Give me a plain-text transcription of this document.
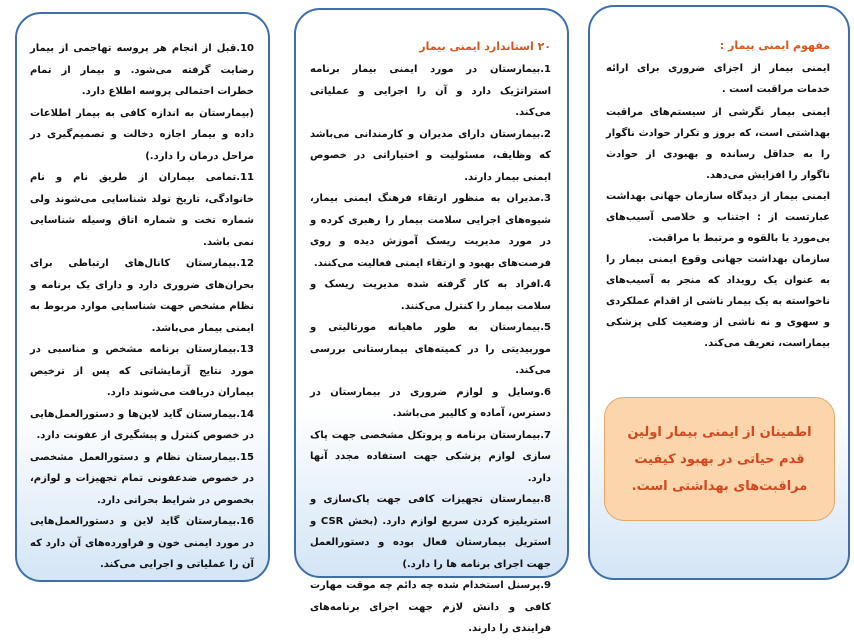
10.قبل از انجام هر پروسه تهاجمی از بیمار رضایت گرفته می‌شود. و بیمار از تمام خطرات احتمالی پروسه اطلاع دارد.

(بیمارستان به اندازه کافی به بیمار اطلاعات داده و بیمار اجازه دخالت و تصمیم‌گیری در مراحل درمان را دارد.)

11.تمامی بیماران از طریق نام و نام خانوادگی، تاریخ تولد شناسایی می‌شوند ولی شماره تخت و شماره اتاق وسیله شناسایی نمی باشد.

12.بیمارستان کانال‌های ارتباطی برای بحران‌های ضروری دارد و دارای یک برنامه و نظام مشخص جهت شناسایی موارد مربوط به ایمنی بیمار می‌باشد.

13.بیمارستان برنامه مشخص و مناسبی در مورد نتایج آزمایشاتی که پس از ترخیص بیماران دریافت می‌شوند دارد.

14.بیمارستان گاید لاین‌ها و دستورالعمل‌هایی در خصوص کنترل و پیشگیری از عفونت دارد.

15.بیمارستان نظام و دستورالعمل مشخصی در خصوص ضدعفونی تمام تجهیزات و لوازم، بخصوص در شرایط بحرانی دارد.

16.بیمارستان گاید لاین و دستورالعمل‌هایی در مورد ایمنی خون و فراورده‌های آن دارد که آن را عملیاتی و اجرایی می‌کند.

۲۰ استاندارد ایمنی بیمار

1.بیمارستان در مورد ایمنی بیمار برنامه استراتژیک دارد و آن را اجرایی و عملیاتی می‌کند.

2.بیمارستان دارای مدیران و کارمندانی می‌باشد که وظایف، مسئولیت و اختیاراتی در خصوص ایمنی بیمار دارند.

3.مدیران به منظور ارتقاء فرهنگ ایمنی بیمار، شیوه‌های اجرایی سلامت بیمار را رهبری کرده و در مورد مدیریت ریسک آموزش دیده و روی فرصت‌های بهبود و ارتقاء ایمنی فعالیت می‌کنند.

4.افراد به کار گرفته شده مدیریت ریسک و سلامت بیمار را کنترل می‌کنند.

5.بیمارستان به طور ماهیانه مورتالیتی و موربیدیتی را در کمیته‌های بیمارستانی بررسی می‌کند.

6.وسایل و لوازم ضروری در بیمارستان در دسترس، آماده و کالیبر می‌باشد.

7.بیمارستان برنامه و پروتکل مشخصی جهت پاک سازی لوازم پزشکی جهت استفاده مجدد آنها دارد.

8.بیمارستان تجهیزات کافی جهت پاک‌سازی و استریلیزه کردن سریع لوازم دارد. (بخش CSR و استریل بیمارستان فعال بوده و دستورالعمل جهت اجرای برنامه ها را دارد.)

9.پرسنل استخدام شده چه دائم چه موقت مهارت کافی و دانش لازم جهت اجرای برنامه‌های فرایندی را دارند.

مفهوم ایمنی بیمار :

ایمنی بیمار از اجزای ضروری برای ارائه خدمات مراقبت است .

ایمنی بیمار نگرشی از سیستم‌های مراقبت بهداشتی است، که بروز و تکرار حوادث ناگوار را به حداقل رسانده و بهبودی از حوادث ناگوار را افزایش می‌دهد.

ایمنی بیمار از دیدگاه سازمان جهانی بهداشت عبارتست از : اجتناب و خلاصی آسیب‌های بی‌مورد یا بالقوه و مرتبط با مراقبت.

سازمان بهداشت جهانی وقوع ایمنی بیمار را به عنوان یک رویداد که منجر به آسیب‌های ناخواسته به یک بیمار ناشی از اقدام عملکردی و سهوی و نه ناشی از وضعیت کلی پزشکی بیماراست، تعریف می‌کند.

اطمینان از ایمنی بیمار اولین قدم حیاتی در بهبود کیفیت مراقبت‌های بهداشتی است.
